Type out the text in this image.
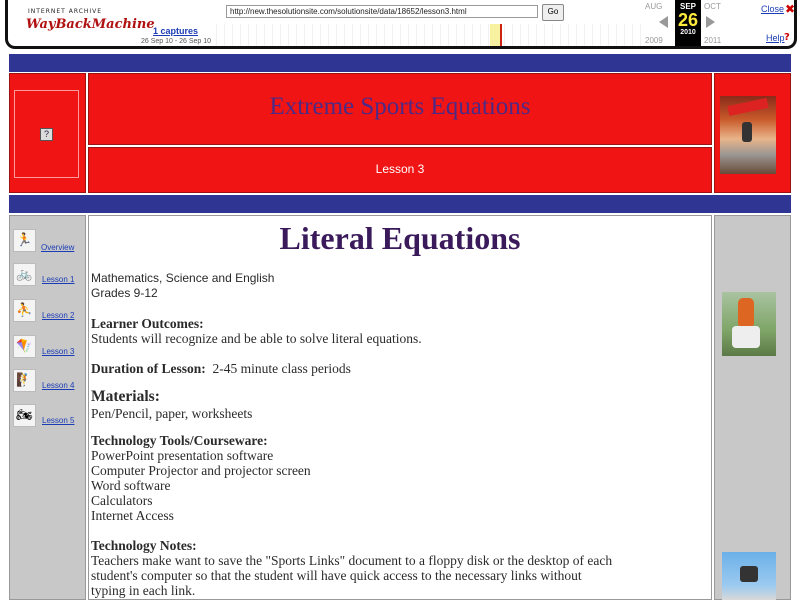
INTERNET ARCHIVE
WayBackMachine
1 captures
26 Sep 10 - 26 Sep 10
http://new.thesolutionsite.com/solutionsite/data/18652/lesson3.html	Go
AUG	OCT
2009	2011
SEP
26
2010
Close ✖
Help ?
?
Extreme Sports Equations
Lesson 3
🏃	Overview
🚲	Lesson 1
⛹	Lesson 2
🪁	Lesson 3
🧗	Lesson 4
🏍	Lesson 5
Literal Equations
Mathematics, Science and English
Grades 9-12
Learner Outcomes:
Students will recognize and be able to solve literal equations.
Duration of Lesson: 2-45 minute class periods
Materials:
Pen/Pencil, paper, worksheets
Technology Tools/Courseware:
PowerPoint presentation software
Computer Projector and projector screen
Word software
Calculators
Internet Access
Technology Notes:
Teachers make want to save the "Sports Links" document to a floppy disk or the desktop of each
student's computer so that the student will have quick access to the necessary links without
typing in each link.
